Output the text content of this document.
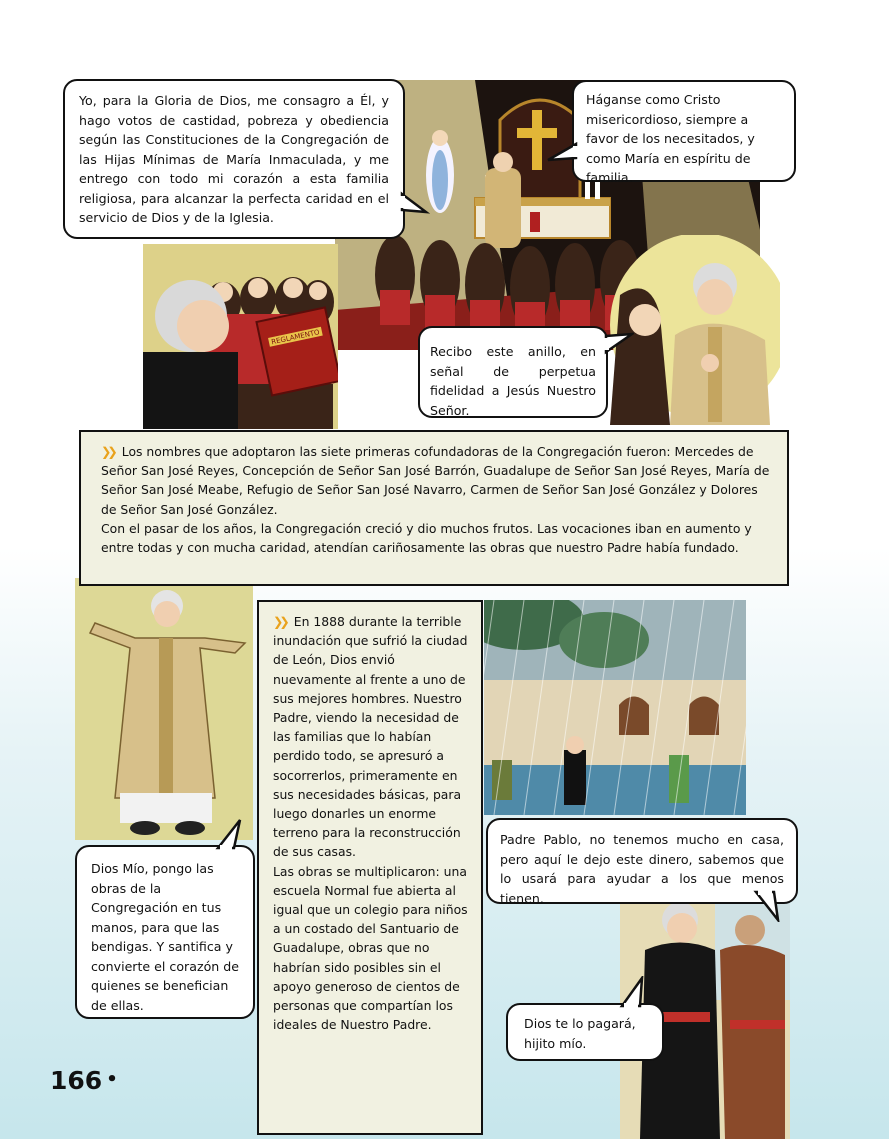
REGLAMENTO
Yo, para la Gloria de Dios, me consagro a Él, y hago votos de castidad, pobreza y obediencia según las Constituciones de la Congregación de las Hijas Mínimas de María Inmaculada, y me entrego con todo mi corazón a esta familia religiosa, para alcanzar la perfecta caridad en el servicio de Dios y de la Iglesia.
Háganse como Cristo misericordioso, siempre a favor de los necesitados, y como María en espíritu de familia.
Recibo este anillo, en señal de perpetua fidelidad a Jesús Nuestro Señor.
❯❯ Los nombres que adoptaron las siete primeras cofundadoras de la Congregación fueron: Mercedes de Señor San José Reyes, Concepción de Señor San José Barrón, Guadalupe de Señor San José Reyes, María de Señor San José Meabe, Refugio de Señor San José Navarro, Carmen de Señor San José González y Dolores de Señor San José González.
Con el pasar de los años, la Congregación creció y dio muchos frutos. Las vocaciones iban en aumento y entre todas y con mucha caridad, atendían cariñosamente las obras que nuestro Padre había fundado.
Dios Mío, pongo las obras de la Congregación en tus manos, para que las bendigas. Y santifica y convierte el corazón de quienes se benefician de ellas.
❯❯ En 1888 durante la terrible inundación que sufrió la ciudad de León, Dios envió nuevamente al frente a uno de sus mejores hombres. Nuestro Padre, viendo la necesidad de las familias que lo habían perdido todo, se apresuró a socorrerlos, primeramente en sus necesidades básicas, para luego donarles un enorme terreno para la reconstrucción de sus casas.
Las obras se multiplicaron: una escuela Normal fue abierta al igual que un colegio para niños a un costado del Santuario de Guadalupe, obras que no habrían sido posibles sin el apoyo generoso de cientos de personas que compartían los ideales de Nuestro Padre.
Padre Pablo, no tenemos mucho en casa, pero aquí le dejo este dinero, sabemos que lo usará para ayudar a los que menos tienen.
Dios te lo pagará, hijito mío.
166 •
